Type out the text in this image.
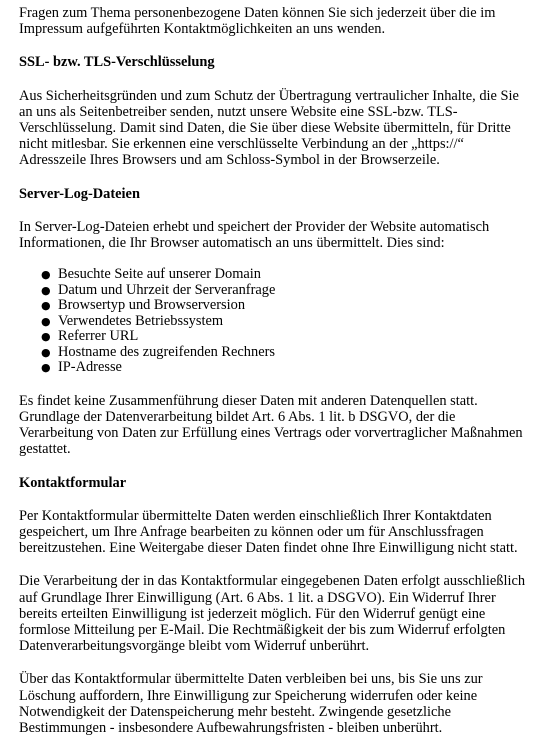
Fragen zum Thema personenbezogene Daten können Sie sich jederzeit über die im Impressum aufgeführten Kontaktmöglichkeiten an uns wenden.

SSL- bzw. TLS-Verschlüsselung

Aus Sicherheitsgründen und zum Schutz der Übertragung vertraulicher Inhalte, die Sie an uns als Seitenbetreiber senden, nutzt unsere Website eine SSL-bzw. TLS-Verschlüsselung. Damit sind Daten, die Sie über diese Website übermitteln, für Dritte nicht mitlesbar. Sie erkennen eine verschlüsselte Verbindung an der „https://“ Adresszeile Ihres Browsers und am Schloss-Symbol in der Browserzeile.

Server-Log-Dateien

In Server-Log-Dateien erhebt und speichert der Provider der Website automatisch Informationen, die Ihr Browser automatisch an uns übermittelt. Dies sind:

● Besuchte Seite auf unserer Domain
● Datum und Uhrzeit der Serveranfrage
● Browsertyp und Browserversion
● Verwendetes Betriebssystem
● Referrer URL
● Hostname des zugreifenden Rechners
● IP-Adresse

Es findet keine Zusammenführung dieser Daten mit anderen Datenquellen statt. Grundlage der Datenverarbeitung bildet Art. 6 Abs. 1 lit. b DSGVO, der die Verarbeitung von Daten zur Erfüllung eines Vertrags oder vorvertraglicher Maßnahmen gestattet.

Kontaktformular

Per Kontaktformular übermittelte Daten werden einschließlich Ihrer Kontaktdaten gespeichert, um Ihre Anfrage bearbeiten zu können oder um für Anschlussfragen bereitzustehen. Eine Weitergabe dieser Daten findet ohne Ihre Einwilligung nicht statt.

Die Verarbeitung der in das Kontaktformular eingegebenen Daten erfolgt ausschließlich auf Grundlage Ihrer Einwilligung (Art. 6 Abs. 1 lit. a DSGVO). Ein Widerruf Ihrer bereits erteilten Einwilligung ist jederzeit möglich. Für den Widerruf genügt eine formlose Mitteilung per E-Mail. Die Rechtmäßigkeit der bis zum Widerruf erfolgten Datenverarbeitungsvorgänge bleibt vom Widerruf unberührt.

Über das Kontaktformular übermittelte Daten verbleiben bei uns, bis Sie uns zur Löschung auffordern, Ihre Einwilligung zur Speicherung widerrufen oder keine Notwendigkeit der Datenspeicherung mehr besteht. Zwingende gesetzliche Bestimmungen - insbesondere Aufbewahrungsfristen - bleiben unberührt.
